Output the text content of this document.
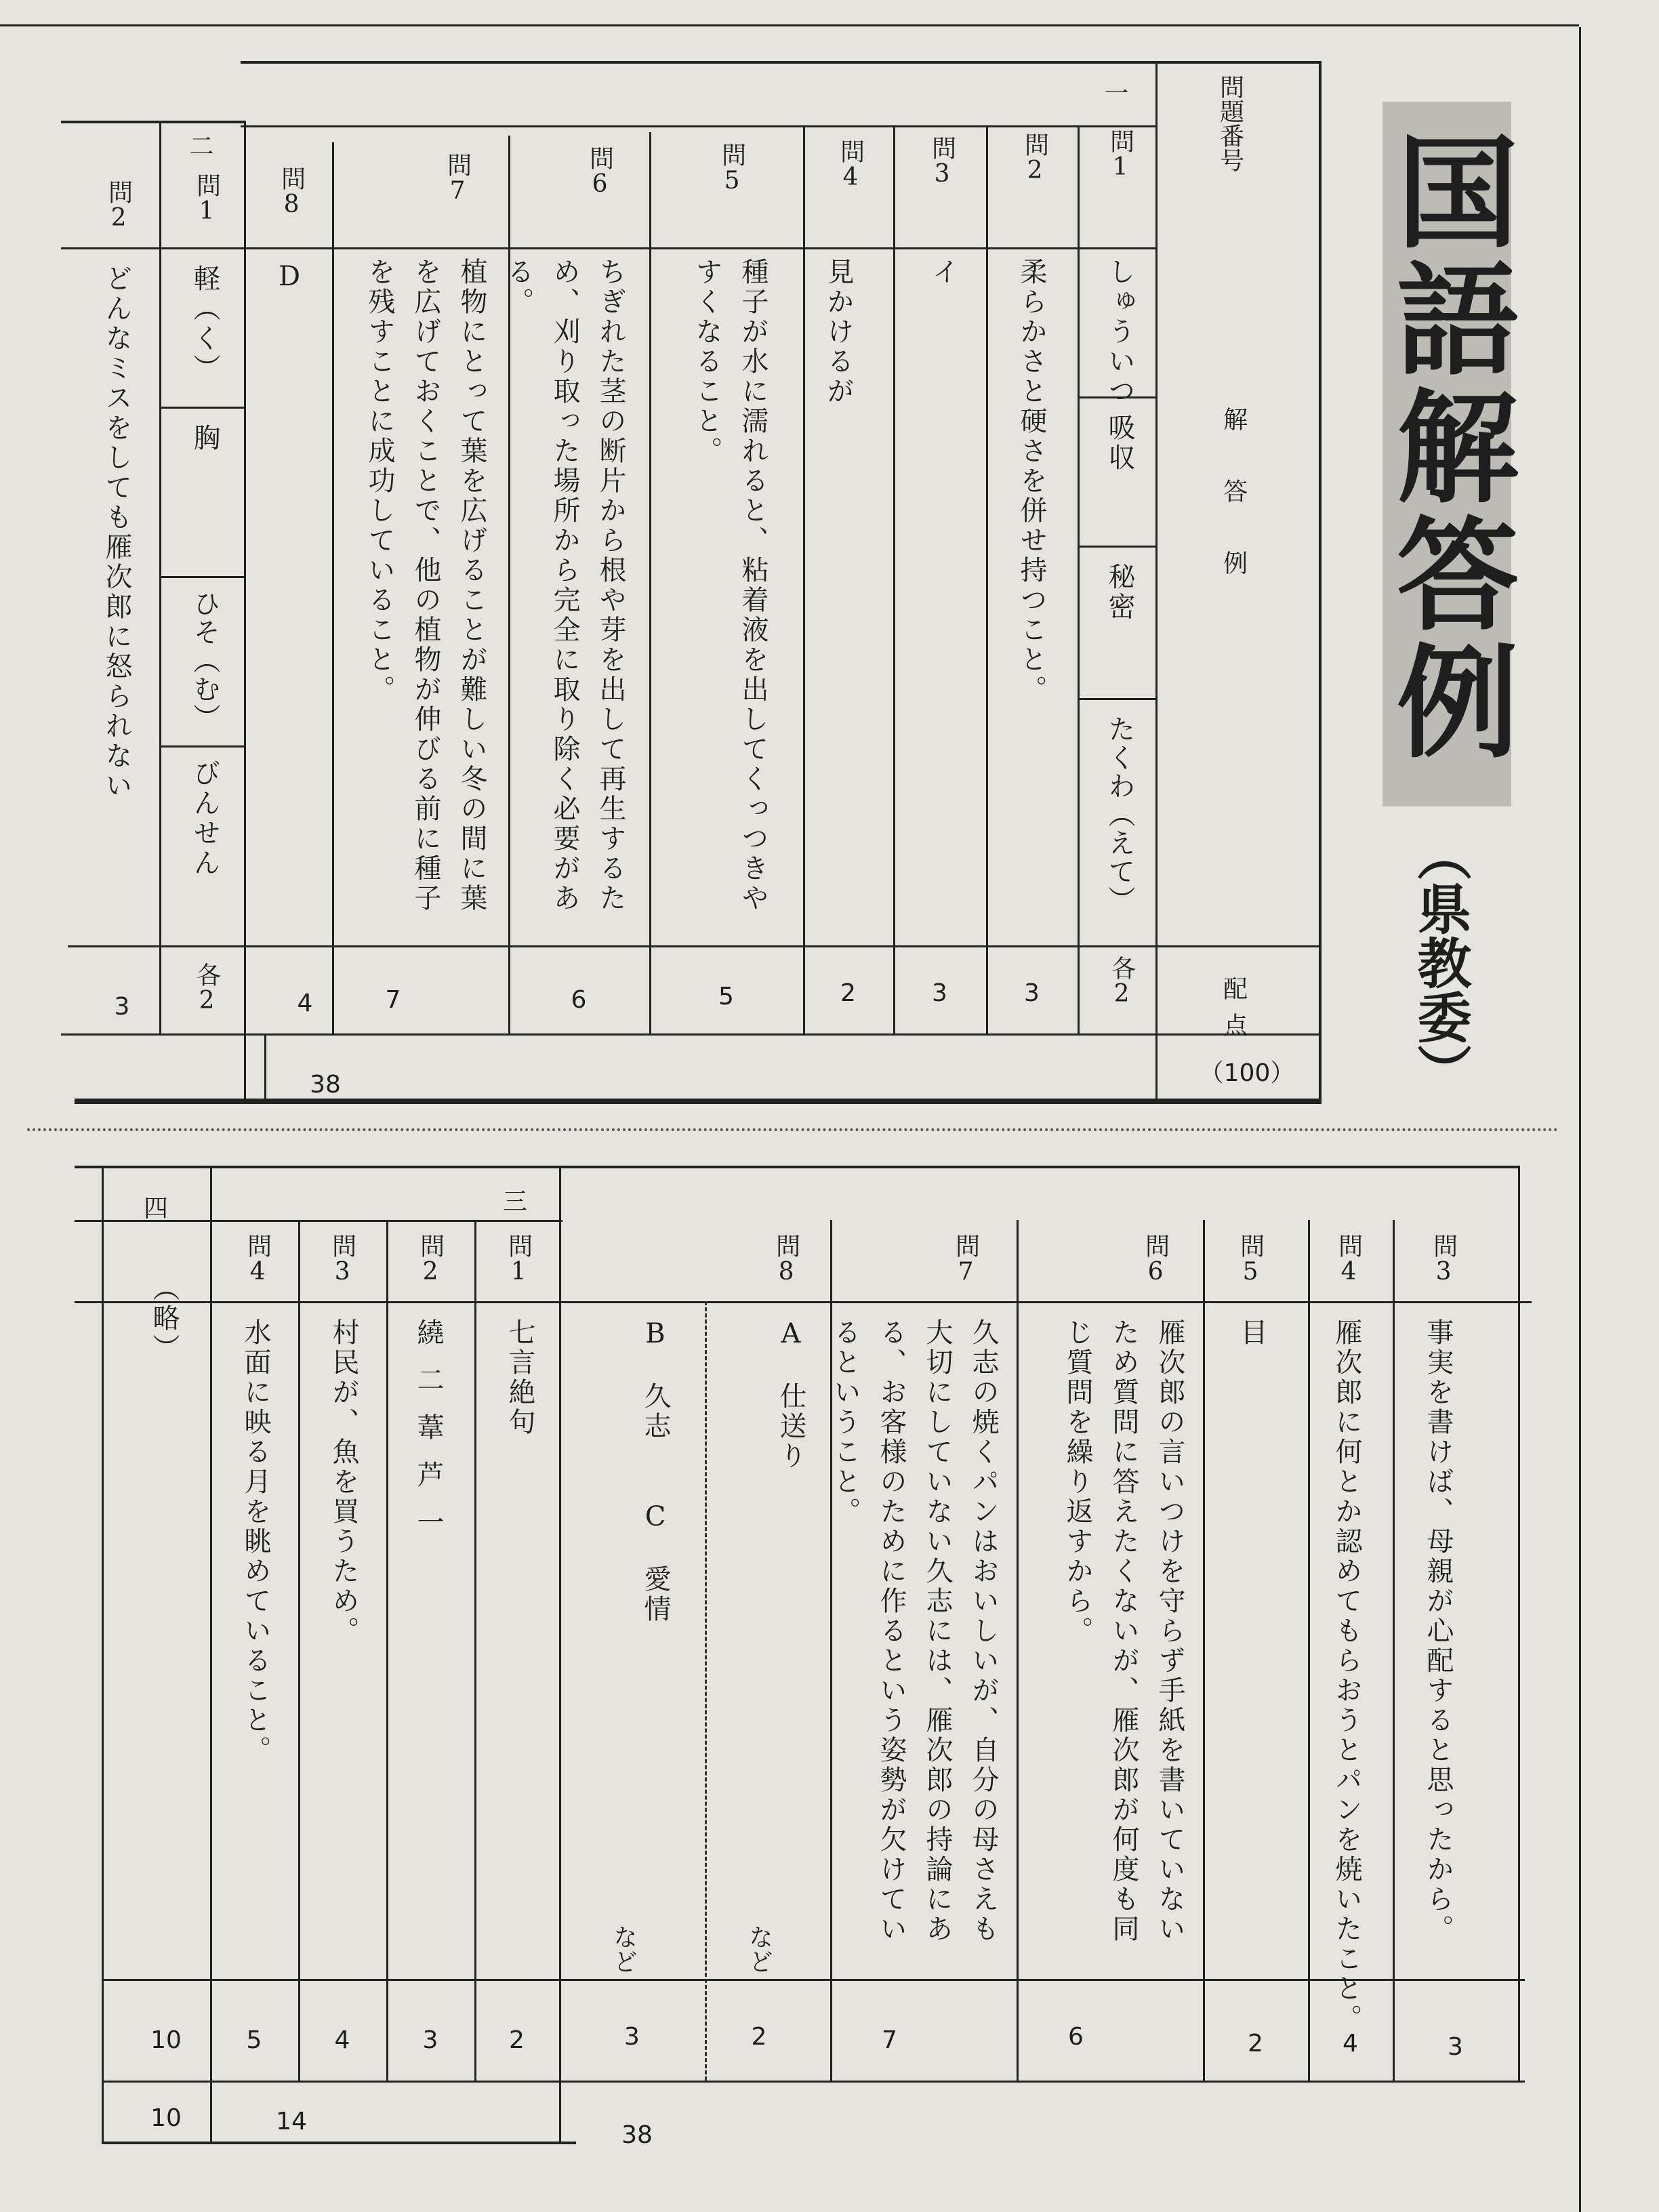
国語解答例
（県教委）
問題番号
解答例
配点
（100）
一
二	問1
問2
問3
問4
問5
問6
問7
問8
問1
問2
しゅういつ
吸収
秘密
たくわ（えて）
柔らかさと硬さを併せ持つこと。
イ
見かけるが
種子が水に濡れると、粘着液を出してくっつきやすくなること。
ちぎれた茎の断片から根や芽を出して再生するため、刈り取った場所から完全に取り除く必要がある。
植物にとって葉を広げることが難しい冬の間に葉を広げておくことで、他の植物が伸びる前に種子を残すことに成功していること。
D
軽（く）
胸
ひそ（む）
びんせん
どんなミスをしても雁次郎に怒られない
各2
3
3
2
5
6
7
4
各2
3
38
三
四
問3
問4
問5
問6
問7
問8
問1
問2
問3
問4
事実を書けば、母親が心配すると思ったから。
雁次郎に何とか認めてもらおうとパンを焼いたこと。
目
雁次郎の言いつけを守らず手紙を書いていないため質問に答えたくないが、雁次郎が何度も同じ質問を繰り返すから。
久志の焼くパンはおいしいが、自分の母さえも大切にしていない久志には、雁次郎の持論にある、お客様のために作るという姿勢が欠けているということ。
A　仕送り
など
B　久志　　C　愛情
など
七言絶句
繞二葦芦一
村民が、魚を買うため。
水面に映る月を眺めていること。
（略）
3
4
2
6
7
2
3
2
3
4
5
10
38
14
10
